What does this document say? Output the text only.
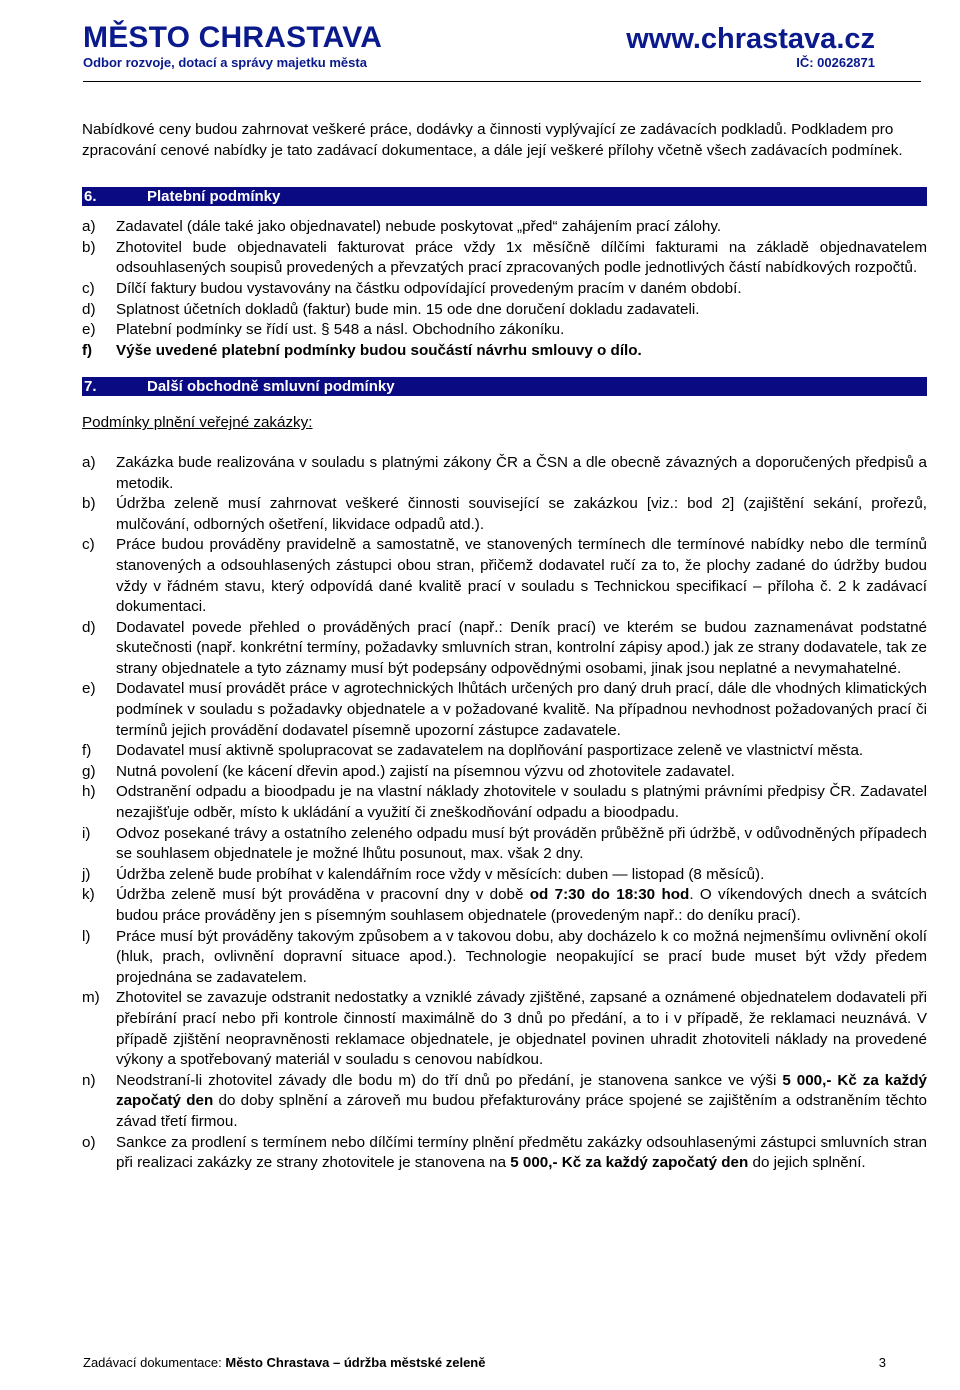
MĚSTO CHRASTAVA	www.chrastava.cz
Odbor rozvoje, dotací a správy majetku města	IČ: 00262871

Nabídkové ceny budou zahrnovat veškeré práce, dodávky a činnosti vyplývající ze zadávacích podkladů. Podkladem pro zpracování cenové nabídky je tato zadávací dokumentace, a dále její veškeré přílohy včetně všech zadávacích podmínek.

6.	Platební podmínky
a)	Zadavatel (dále také jako objednavatel) nebude poskytovat „před“ zahájením prací zálohy.
b)	Zhotovitel bude objednavateli fakturovat práce vždy 1x měsíčně dílčími fakturami na základě objednavatelem odsouhlasených soupisů provedených a převzatých prací zpracovaných podle jednotlivých částí nabídkových rozpočtů.
c)	Dílčí faktury budou vystavovány na částku odpovídající provedeným pracím v daném období.
d)	Splatnost účetních dokladů (faktur) bude min. 15 ode dne doručení dokladu zadavateli.
e)	Platební podmínky se řídí ust. § 548 a násl. Obchodního zákoníku.
f)	Výše uvedené platební podmínky budou součástí návrhu smlouvy o dílo.
7.	Další obchodně smluvní podmínky
Podmínky plnění veřejné zakázky:
a)	Zakázka bude realizována v souladu s platnými zákony ČR a ČSN a dle obecně závazných a doporučených předpisů a metodik.
b)	Údržba zeleně musí zahrnovat veškeré činnosti související se zakázkou [viz.: bod 2] (zajištění sekání, prořezů, mulčování, odborných ošetření, likvidace odpadů atd.).
c)	Práce budou prováděny pravidelně a samostatně, ve stanovených termínech dle termínové nabídky nebo dle termínů stanovených a odsouhlasených zástupci obou stran, přičemž dodavatel ručí za to, že plochy zadané do údržby budou vždy v řádném stavu, který odpovídá dané kvalitě prací v souladu s Technickou specifikací – příloha č. 2 k zadávací dokumentaci.
d)	Dodavatel povede přehled o prováděných prací (např.: Deník prací) ve kterém se budou zaznamenávat podstatné skutečnosti (např. konkrétní termíny, požadavky smluvních stran, kontrolní zápisy apod.) jak ze strany dodavatele, tak ze strany objednatele a tyto záznamy musí být podepsány odpovědnými osobami, jinak jsou neplatné a nevymahatelné.
e)	Dodavatel musí provádět práce v agrotechnických lhůtách určených pro daný druh prací, dále dle vhodných klimatických podmínek v souladu s požadavky objednatele a v požadované kvalitě. Na případnou nevhodnost požadovaných prací či termínů jejich provádění dodavatel písemně upozorní zástupce zadavatele.
f)	Dodavatel musí aktivně spolupracovat se zadavatelem na doplňování pasportizace zeleně ve vlastnictví města.
g)	Nutná povolení (ke kácení dřevin apod.) zajistí na písemnou výzvu od zhotovitele zadavatel.
h)	Odstranění odpadu a bioodpadu je na vlastní náklady zhotovitele v souladu s platnými právními předpisy ČR. Zadavatel nezajišťuje odběr, místo k ukládání a využití či zneškodňování odpadu a bioodpadu.
i)	Odvoz posekané trávy a ostatního zeleného odpadu musí být prováděn průběžně při údržbě, v odůvodněných případech se souhlasem objednatele je možné lhůtu posunout, max. však 2 dny.
j)	Údržba zeleně bude probíhat v kalendářním roce vždy v měsících: duben — listopad (8 měsíců).
k)	Údržba zeleně musí být prováděna v pracovní dny v době od 7:30 do 18:30 hod. O víkendových dnech a svátcích budou práce prováděny jen s písemným souhlasem objednatele (provedeným např.: do deníku prací).
l)	Práce musí být prováděny takovým způsobem a v takovou dobu, aby docházelo k co možná nejmenšímu ovlivnění okolí (hluk, prach, ovlivnění dopravní situace apod.). Technologie neopakující se prací bude muset být vždy předem projednána se zadavatelem.
m)	Zhotovitel se zavazuje odstranit nedostatky a vzniklé závady zjištěné, zapsané a oznámené objednatelem dodavateli při přebírání prací nebo při kontrole činností maximálně do 3 dnů po předání, a to i v případě, že reklamaci neuznává. V případě zjištění neopravněnosti reklamace objednatele, je objednatel povinen uhradit zhotoviteli náklady na provedené výkony a spotřebovaný materiál v souladu s cenovou nabídkou.
n)	Neodstraní-li zhotovitel závady dle bodu m) do tří dnů po předání, je stanovena sankce ve výši 5 000,- Kč za každý započatý den do doby splnění a zároveň mu budou přefakturovány práce spojené se zajištěním a odstraněním těchto závad třetí firmou.
o)	Sankce za prodlení s termínem nebo dílčími termíny plnění předmětu zakázky odsouhlasenými zástupci smluvních stran při realizaci zakázky ze strany zhotovitele je stanovena na 5 000,- Kč za každý započatý den do jejich splnění.
Zadávací dokumentace: Město Chrastava – údržba městské zeleně	3
